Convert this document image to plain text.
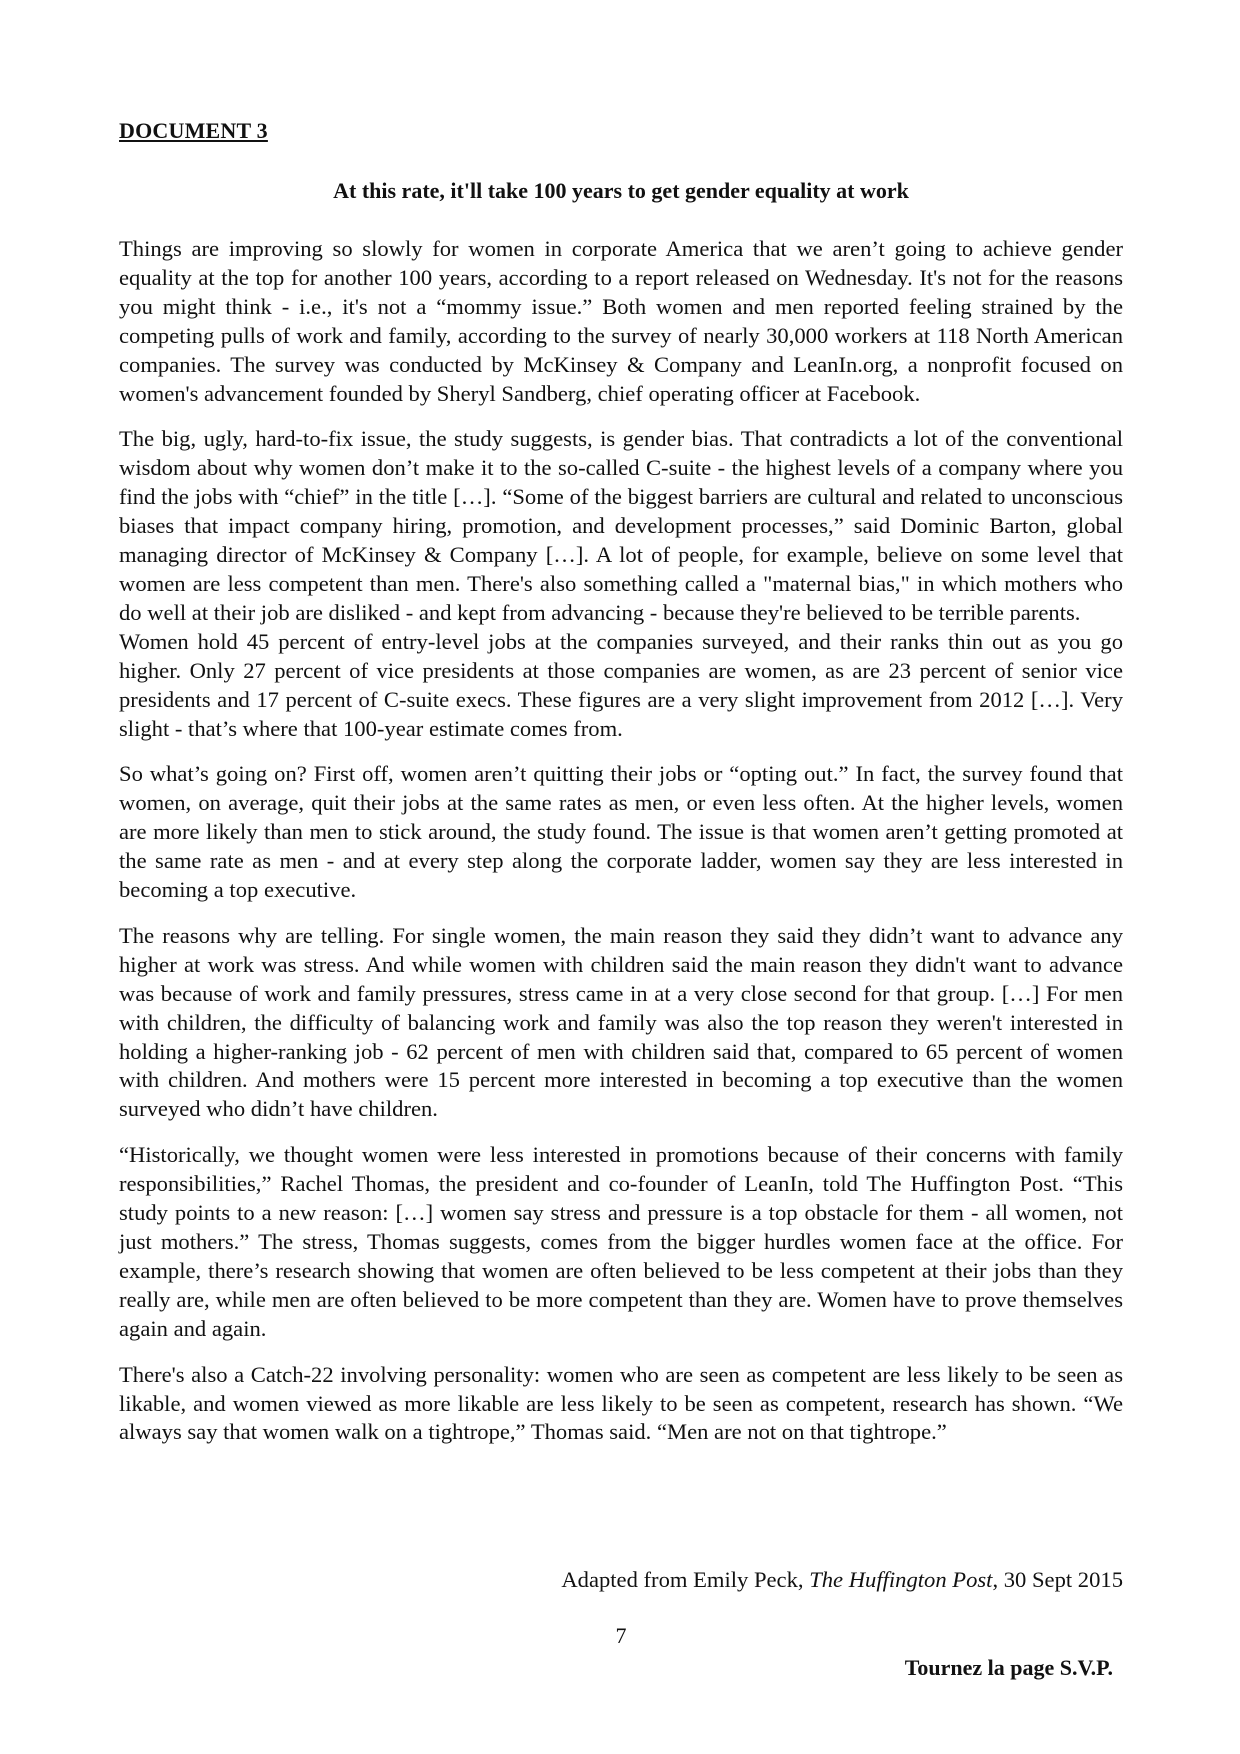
DOCUMENT 3
At this rate, it'll take 100 years to get gender equality at work

Things are improving so slowly for women in corporate America that we aren’t going to achieve gender equality at the top for another 100 years, according to a report released on Wednesday. It's not for the reasons you might think - i.e., it's not a “mommy issue.” Both women and men reported feeling strained by the competing pulls of work and family, according to the survey of nearly 30,000 workers at 118 North American companies. The survey was conducted by McKinsey & Company and LeanIn.org, a nonprofit focused on women's advancement founded by Sheryl Sandberg, chief operating officer at Facebook.

The big, ugly, hard-to-fix issue, the study suggests, is gender bias. That contradicts a lot of the conventional wisdom about why women don’t make it to the so-called C-suite - the highest levels of a company where you find the jobs with “chief” in the title […]. “Some of the biggest barriers are cultural and related to unconscious biases that impact company hiring, promotion, and development processes,” said Dominic Barton, global managing director of McKinsey & Company […]. A lot of people, for example, believe on some level that women are less competent than men. There's also something called a "maternal bias," in which mothers who do well at their job are disliked - and kept from advancing - because they're believed to be terrible parents.

Women hold 45 percent of entry-level jobs at the companies surveyed, and their ranks thin out as you go higher. Only 27 percent of vice presidents at those companies are women, as are 23 percent of senior vice presidents and 17 percent of C-suite execs. These figures are a very slight improvement from 2012 […]. Very slight - that’s where that 100-year estimate comes from.

So what’s going on? First off, women aren’t quitting their jobs or “opting out.” In fact, the survey found that women, on average, quit their jobs at the same rates as men, or even less often. At the higher levels, women are more likely than men to stick around, the study found. The issue is that women aren’t getting promoted at the same rate as men - and at every step along the corporate ladder, women say they are less interested in becoming a top executive.

The reasons why are telling. For single women, the main reason they said they didn’t want to advance any higher at work was stress. And while women with children said the main reason they didn't want to advance was because of work and family pressures, stress came in at a very close second for that group. […] For men with children, the difficulty of balancing work and family was also the top reason they weren't interested in holding a higher-ranking job - 62 percent of men with children said that, compared to 65 percent of women with children. And mothers were 15 percent more interested in becoming a top executive than the women surveyed who didn’t have children.

“Historically, we thought women were less interested in promotions because of their concerns with family responsibilities,” Rachel Thomas, the president and co-founder of LeanIn, told The Huffington Post. “This study points to a new reason: […] women say stress and pressure is a top obstacle for them - all women, not just mothers.” The stress, Thomas suggests, comes from the bigger hurdles women face at the office. For example, there’s research showing that women are often believed to be less competent at their jobs than they really are, while men are often believed to be more competent than they are. Women have to prove themselves again and again.

There's also a Catch-22 involving personality: women who are seen as competent are less likely to be seen as likable, and women viewed as more likable are less likely to be seen as competent, research has shown. “We always say that women walk on a tightrope,” Thomas said. “Men are not on that tightrope.”

Adapted from Emily Peck, The Huffington Post, 30 Sept 2015
7
Tournez la page S.V.P.
